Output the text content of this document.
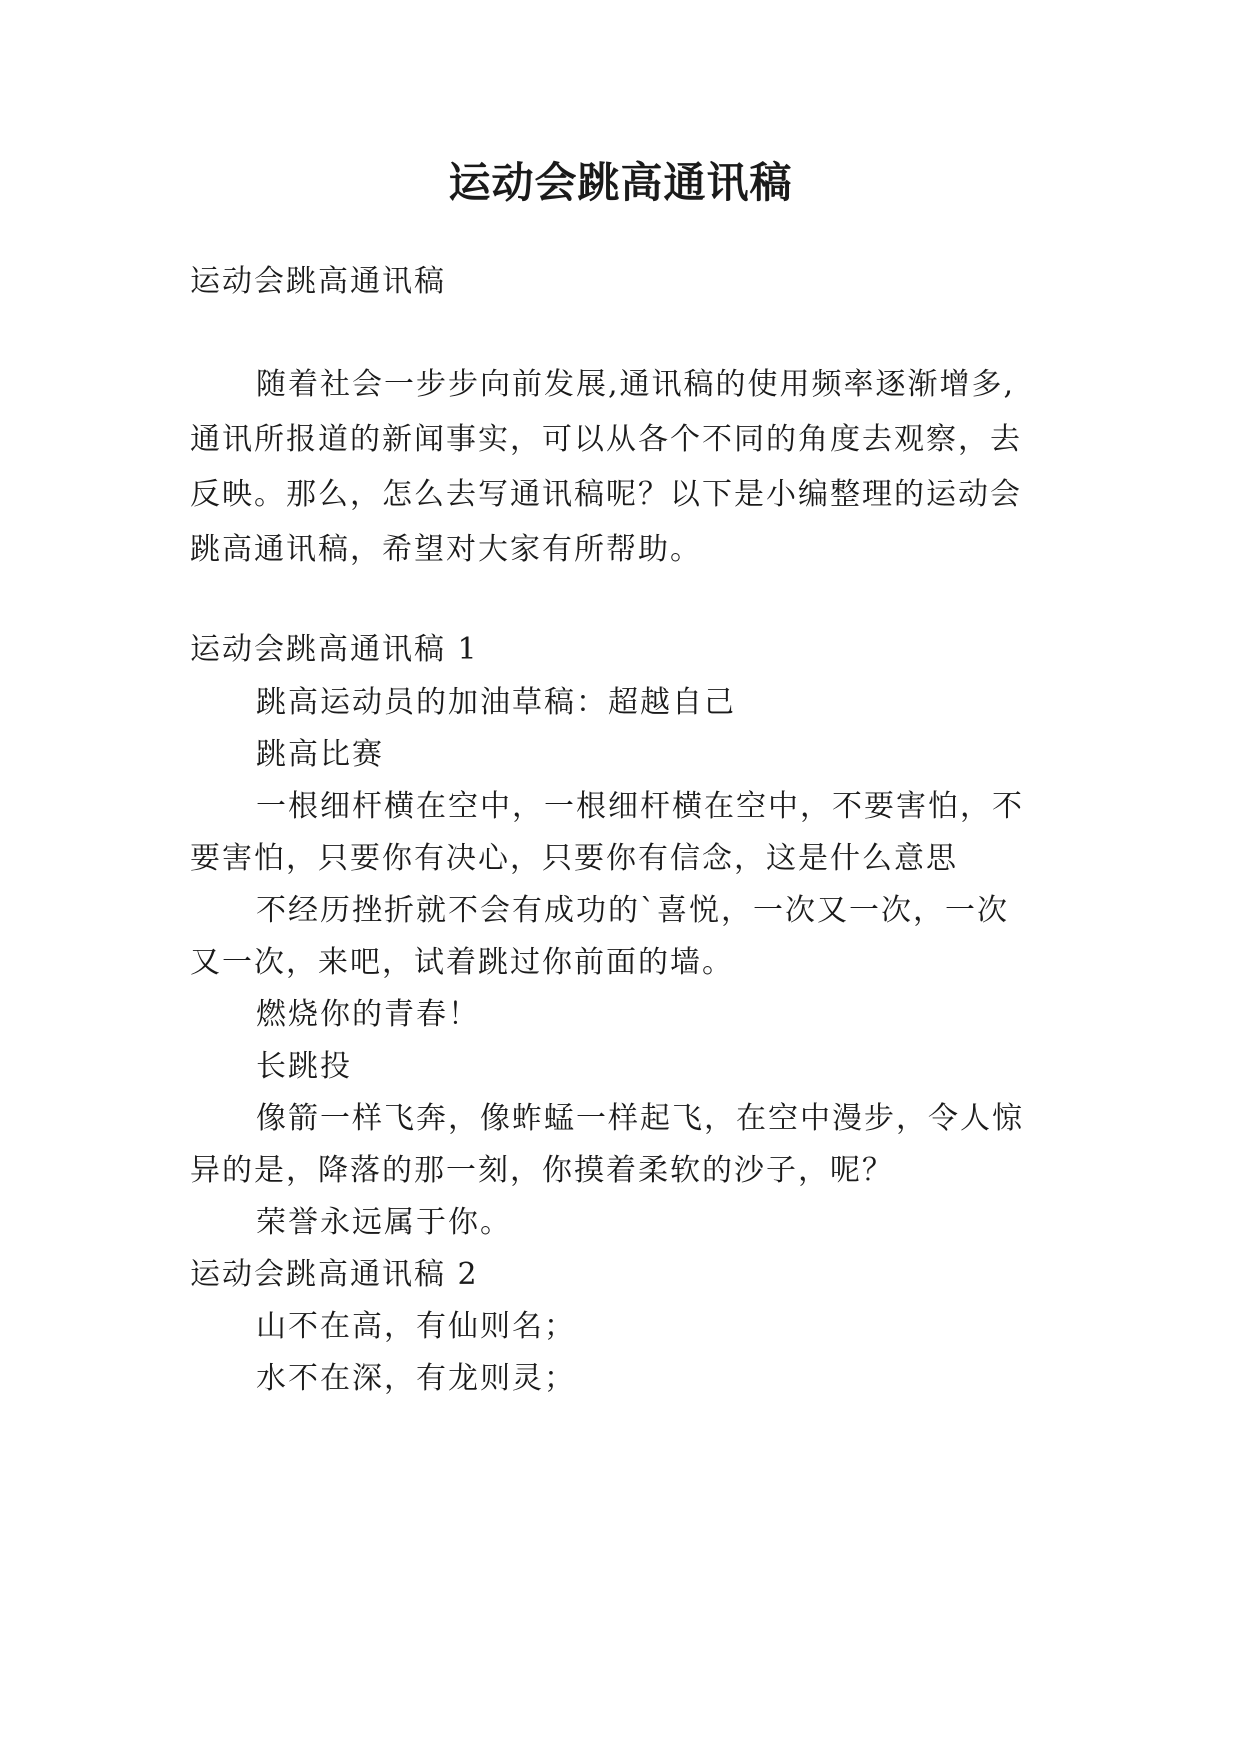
运动会跳高通讯稿
运动会跳高通讯稿
随着社会一步步向前发展,通讯稿的使用频率逐渐增多,
通讯所报道的新闻事实，可以从各个不同的角度去观察，去
反映。那么，怎么去写通讯稿呢？以下是小编整理的运动会
跳高通讯稿，希望对大家有所帮助。
运动会跳高通讯稿 1
跳高运动员的加油草稿：超越自己
跳高比赛
一根细杆横在空中，一根细杆横在空中，不要害怕，不
要害怕，只要你有决心，只要你有信念，这是什么意思
不经历挫折就不会有成功的`喜悦，一次又一次，一次
又一次，来吧，试着跳过你前面的墙。
燃烧你的青春！
长跳投
像箭一样飞奔，像蚱蜢一样起飞，在空中漫步，令人惊
异的是，降落的那一刻，你摸着柔软的沙子，呢？
荣誉永远属于你。
运动会跳高通讯稿 2
山不在高，有仙则名；
水不在深，有龙则灵；
